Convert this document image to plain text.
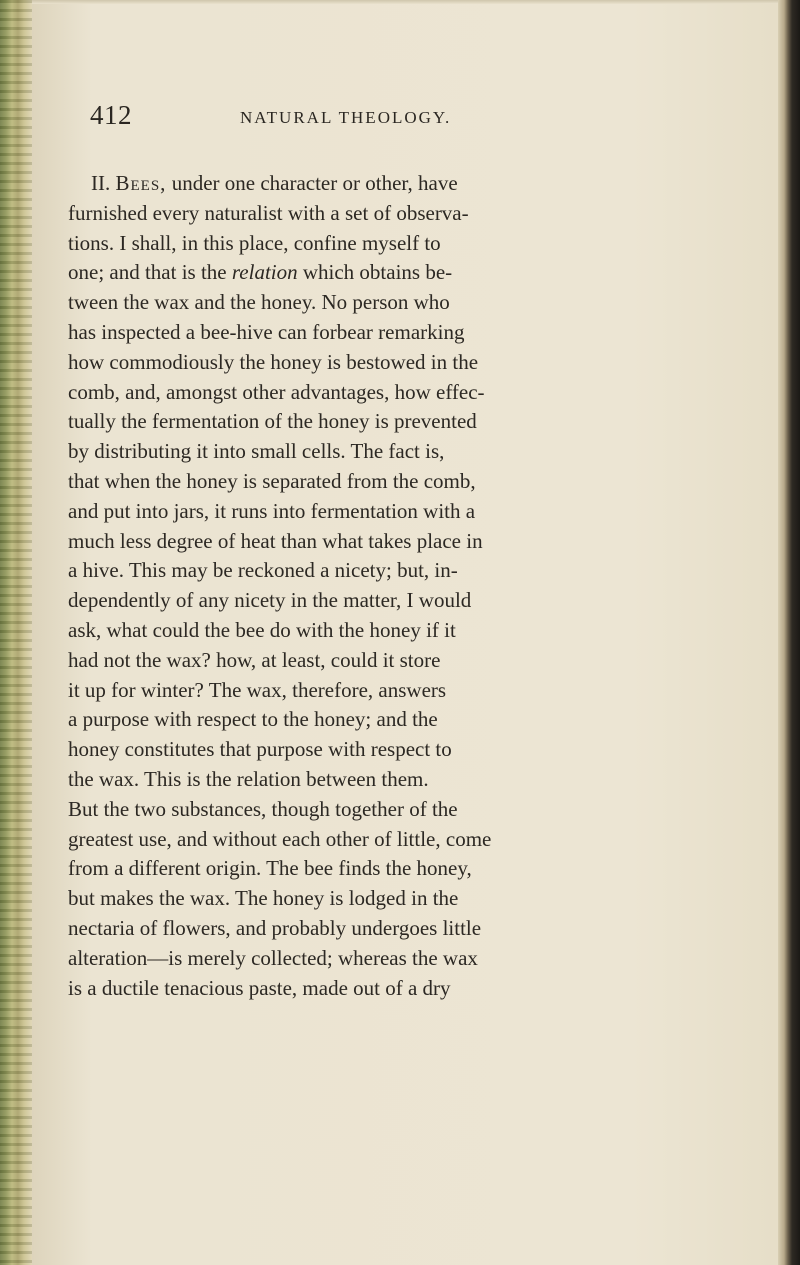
412	NATURAL THEOLOGY.
II. Bees, under one character or other, have
furnished every naturalist with a set of observa-
tions. I shall, in this place, confine myself to
one; and that is the relation which obtains be-
tween the wax and the honey. No person who
has inspected a bee-hive can forbear remarking
how commodiously the honey is bestowed in the
comb, and, amongst other advantages, how effec-
tually the fermentation of the honey is prevented
by distributing it into small cells. The fact is,
that when the honey is separated from the comb,
and put into jars, it runs into fermentation with a
much less degree of heat than what takes place in
a hive. This may be reckoned a nicety; but, in-
dependently of any nicety in the matter, I would
ask, what could the bee do with the honey if it
had not the wax? how, at least, could it store
it up for winter? The wax, therefore, answers
a purpose with respect to the honey; and the
honey constitutes that purpose with respect to
the wax. This is the relation between them.
But the two substances, though together of the
greatest use, and without each other of little, come
from a different origin. The bee finds the honey,
but makes the wax. The honey is lodged in the
nectaria of flowers, and probably undergoes little
alteration—is merely collected; whereas the wax
is a ductile tenacious paste, made out of a dry
